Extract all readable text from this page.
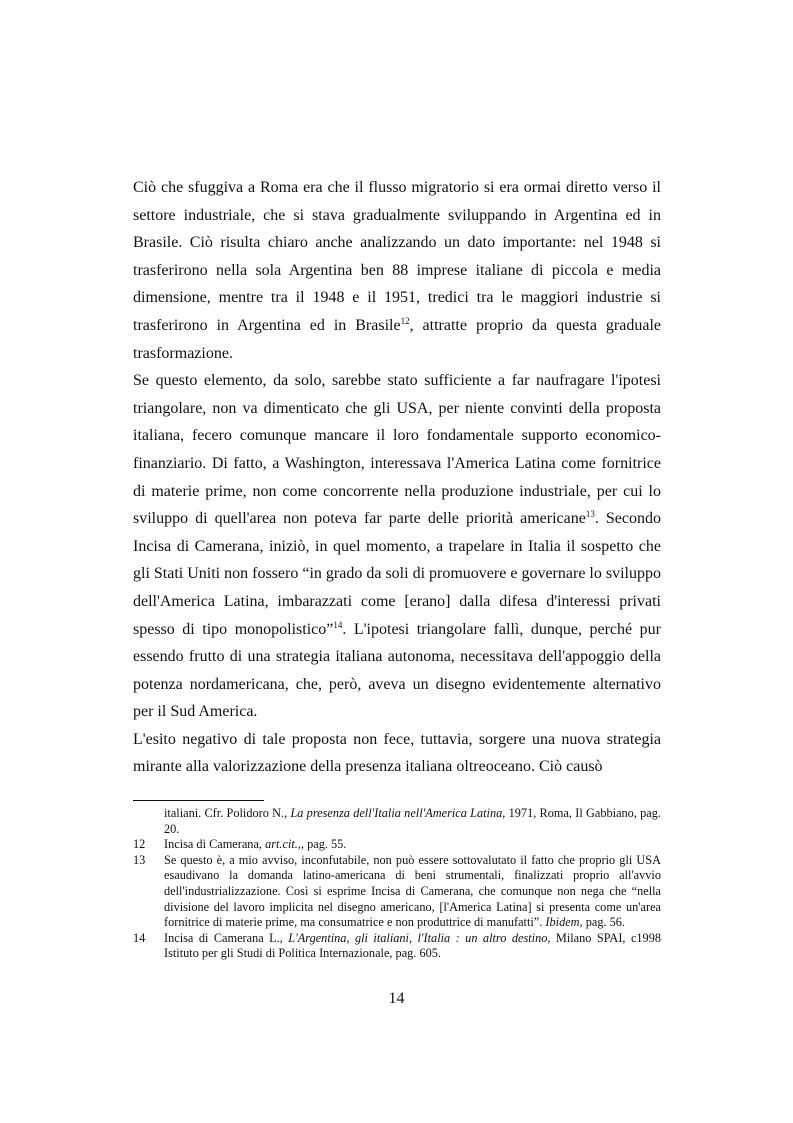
Ciò che sfuggiva a Roma era che il flusso migratorio si era ormai diretto verso il settore industriale, che si stava gradualmente sviluppando in Argentina ed in Brasile. Ciò risulta chiaro anche analizzando un dato importante: nel 1948 si trasferirono nella sola Argentina ben 88 imprese italiane di piccola e media dimensione, mentre tra il 1948 e il 1951, tredici tra le maggiori industrie si trasferirono in Argentina ed in Brasile$^{12}$, attratte proprio da questa graduale trasformazione.

Se questo elemento, da solo, sarebbe stato sufficiente a far naufragare l'ipotesi triangolare, non va dimenticato che gli USA, per niente convinti della proposta italiana, fecero comunque mancare il loro fondamentale supporto economico-finanziario. Di fatto, a Washington, interessava l'America Latina come fornitrice di materie prime, non come concorrente nella produzione industriale, per cui lo sviluppo di quell'area non poteva far parte delle priorità americane$^{13}$. Secondo Incisa di Camerana, iniziò, in quel momento, a trapelare in Italia il sospetto che gli Stati Uniti non fossero “in grado da soli di promuovere e governare lo sviluppo dell'America Latina, imbarazzati come [erano] dalla difesa d'interessi privati spesso di tipo monopolistico”$^{14}$. L'ipotesi triangolare fallì, dunque, perché pur essendo frutto di una strategia italiana autonoma, necessitava dell'appoggio della potenza nordamericana, che, però, aveva un disegno evidentemente alternativo per il Sud America.

L'esito negativo di tale proposta non fece, tuttavia, sorgere una nuova strategia mirante alla valorizzazione della presenza italiana oltreoceano. Ciò causò

italiani. Cfr. Polidoro N., La presenza dell'Italia nell'America Latina, 1971, Roma, Il Gabbiano, pag. 20.
12 Incisa di Camerana, art.cit.,, pag. 55.
13 Se questo è, a mio avviso, inconfutabile, non può essere sottovalutato il fatto che proprio gli USA esaudivano la domanda latino-americana di beni strumentali, finalizzati proprio all'avvio dell'industrializzazione. Così si esprime Incisa di Camerana, che comunque non nega che “nella divisione del lavoro implicita nel disegno americano, [l'America Latina] si presenta come un'area fornitrice di materie prime, ma consumatrice e non produttrice di manufatti”. Ibidem, pag. 56.
14 Incisa di Camerana L., L'Argentina, gli italiani, l'Italia : un altro destino, Milano SPAI, c1998 Istituto per gli Studi di Politica Internazionale, pag. 605.
14
